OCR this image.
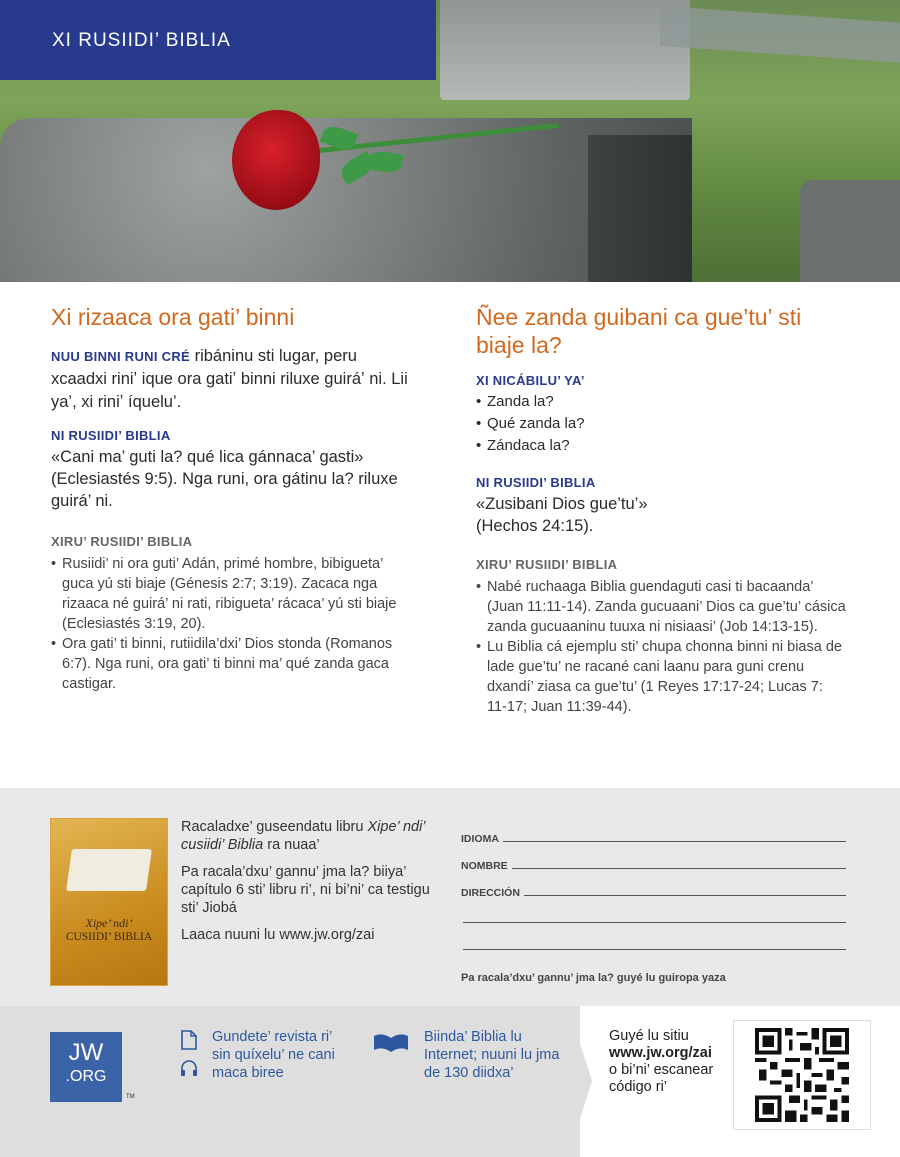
XI RUSIIDI’ BIBLIA
Xi rizaaca ora gati’ binni

NUU BINNI RUNI CRÉ ribáninu sti lugar, peru xcaadxi riniʼ ique ora gatiʼ binni riluxe guiráʼ ni. Lii ya’, xi riniʼ íquelu’.

NI RUSIIDI’ BIBLIA

«Cani ma’ guti la? qué lica gánnaca’ gasti» (Eclesiastés 9:5). Nga runi, ora gátinu la? riluxe guirá’ ni.

XIRU’ RUSIIDI’ BIBLIA

• Rusiidi’ ni ora guti’ Adán, primé hombre, bibigueta’ guca yú sti biaje (Génesis 2:7; 3:19). Zacaca nga rizaaca né guirá’ ni rati, ribigueta’ rácaca’ yú sti biaje (Eclesiastés 3:19, 20).
• Ora gati’ ti binni, rutiidila’dxi’ Dios stonda (Romanos 6:7). Nga runi, ora gati’ ti binni ma’ qué zanda gaca castigar.
Ñee zanda guibani ca gue’tu’ sti biaje la?

XI NICÁBILU’ YA’

• Zanda la?
• Qué zanda la?
• Zándaca la?

NI RUSIIDI’ BIBLIA

«Zusibani Dios gue’tu’» (Hechos 24:15).

XIRU’ RUSIIDI’ BIBLIA

• Nabé ruchaaga Biblia guendaguti casi ti bacaanda’ (Juan 11:11-14). Zanda gucuaani’ Dios ca gue’tu’ cásica zanda gucuaaninu tuuxa ni nisiaasi’ (Job 14:13-15).
• Lu Biblia cá ejemplu sti’ chupa chonna binni ni biasa de lade gue’tu’ ne racané cani laanu para guni crenu dxandí’ ziasa ca gue’tu’ (1 Reyes 17:17-24; Lucas 7: 11-17; Juan 11:39-44).
Xipe’ ndi’
CUSIIDI’ BIBLIA

Racaladxe’ guseendatu libru Xipe’ ndi’ cusiidi’ Biblia ra nuaa’

Pa racala’dxu’ gannu’ jma la? biiya’ capítulo 6 sti’ libru ri’, ni bi’ni’ ca testigu sti’ Jiobá

Laaca nuuni lu www.jw.org/zai

IDIOMA
NOMBRE
DIRECCIÓN
Pa racala’dxu’ gannu’ jma la? guyé lu guiropa yaza
JW
.ORG
TM
Gundete’ revista ri’ sin quíxelu’ ne cani maca biree
Biinda’ Biblia lu Internet; nuuni lu jma de 130 diidxa’
Guyé lu sitiu
www.jw.org/zai
o bi’ni’ escanear
código ri’
